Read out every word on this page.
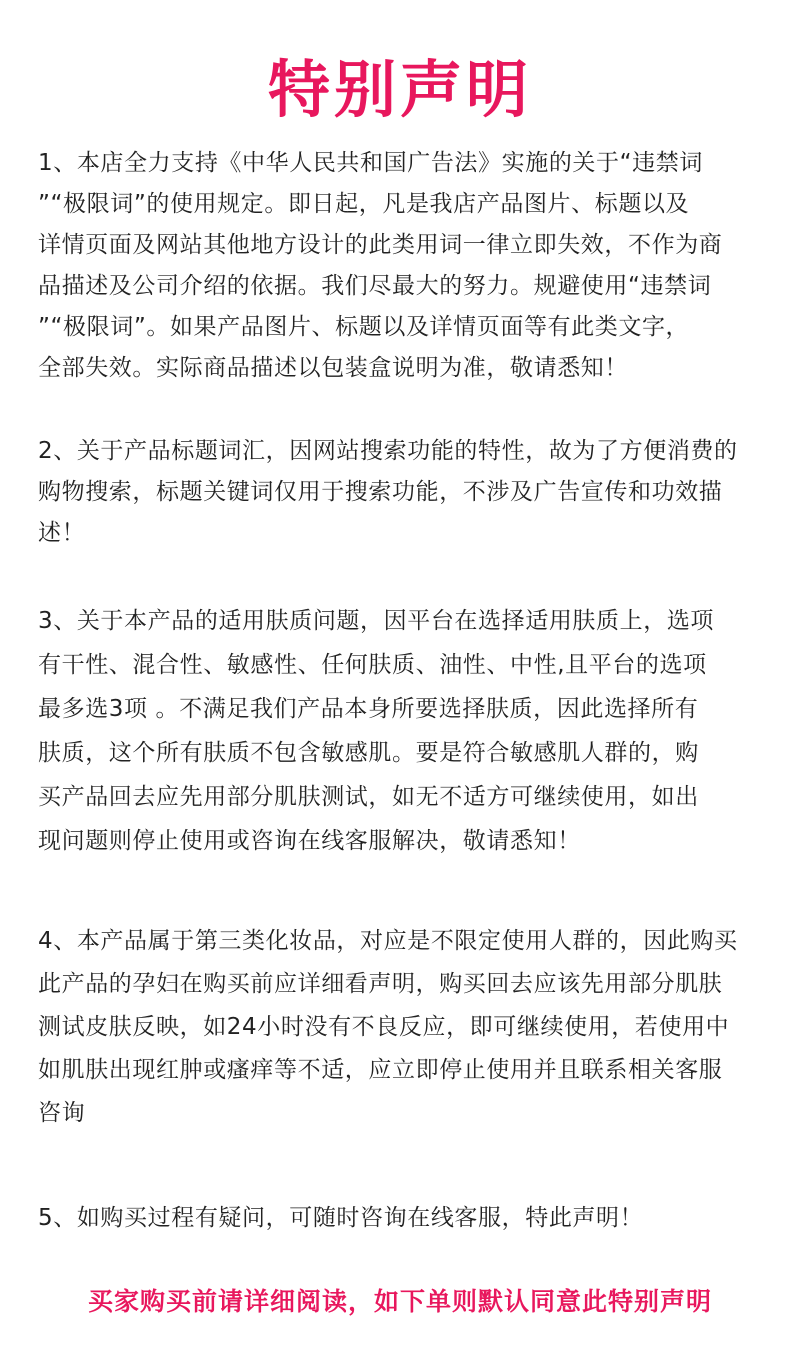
特别声明
1、本店全力支持《中华人民共和国广告法》实施的关于“违禁词
”“极限词”的使用规定。即日起，凡是我店产品图片、标题以及
详情页面及网站其他地方设计的此类用词一律立即失效，不作为商
品描述及公司介绍的依据。我们尽最大的努力。规避使用“违禁词
”“极限词”。如果产品图片、标题以及详情页面等有此类文字，
全部失效。实际商品描述以包装盒说明为准，敬请悉知！
2、关于产品标题词汇，因网站搜索功能的特性，故为了方便消费的
购物搜索，标题关键词仅用于搜索功能，不涉及广告宣传和功效描
述！
3、关于本产品的适用肤质问题，因平台在选择适用肤质上，选项
有干性、混合性、敏感性、任何肤质、油性、中性,且平台的选项
最多选3项 。不满足我们产品本身所要选择肤质，因此选择所有
肤质，这个所有肤质不包含敏感肌。要是符合敏感肌人群的，购
买产品回去应先用部分肌肤测试，如无不适方可继续使用，如出
现问题则停止使用或咨询在线客服解决，敬请悉知！
4、本产品属于第三类化妆品，对应是不限定使用人群的，因此购买
此产品的孕妇在购买前应详细看声明，购买回去应该先用部分肌肤
测试皮肤反映，如24小时没有不良反应，即可继续使用，若使用中
如肌肤出现红肿或瘙痒等不适，应立即停止使用并且联系相关客服
咨询
5、如购买过程有疑问，可随时咨询在线客服，特此声明！
买家购买前请详细阅读，如下单则默认同意此特别声明
